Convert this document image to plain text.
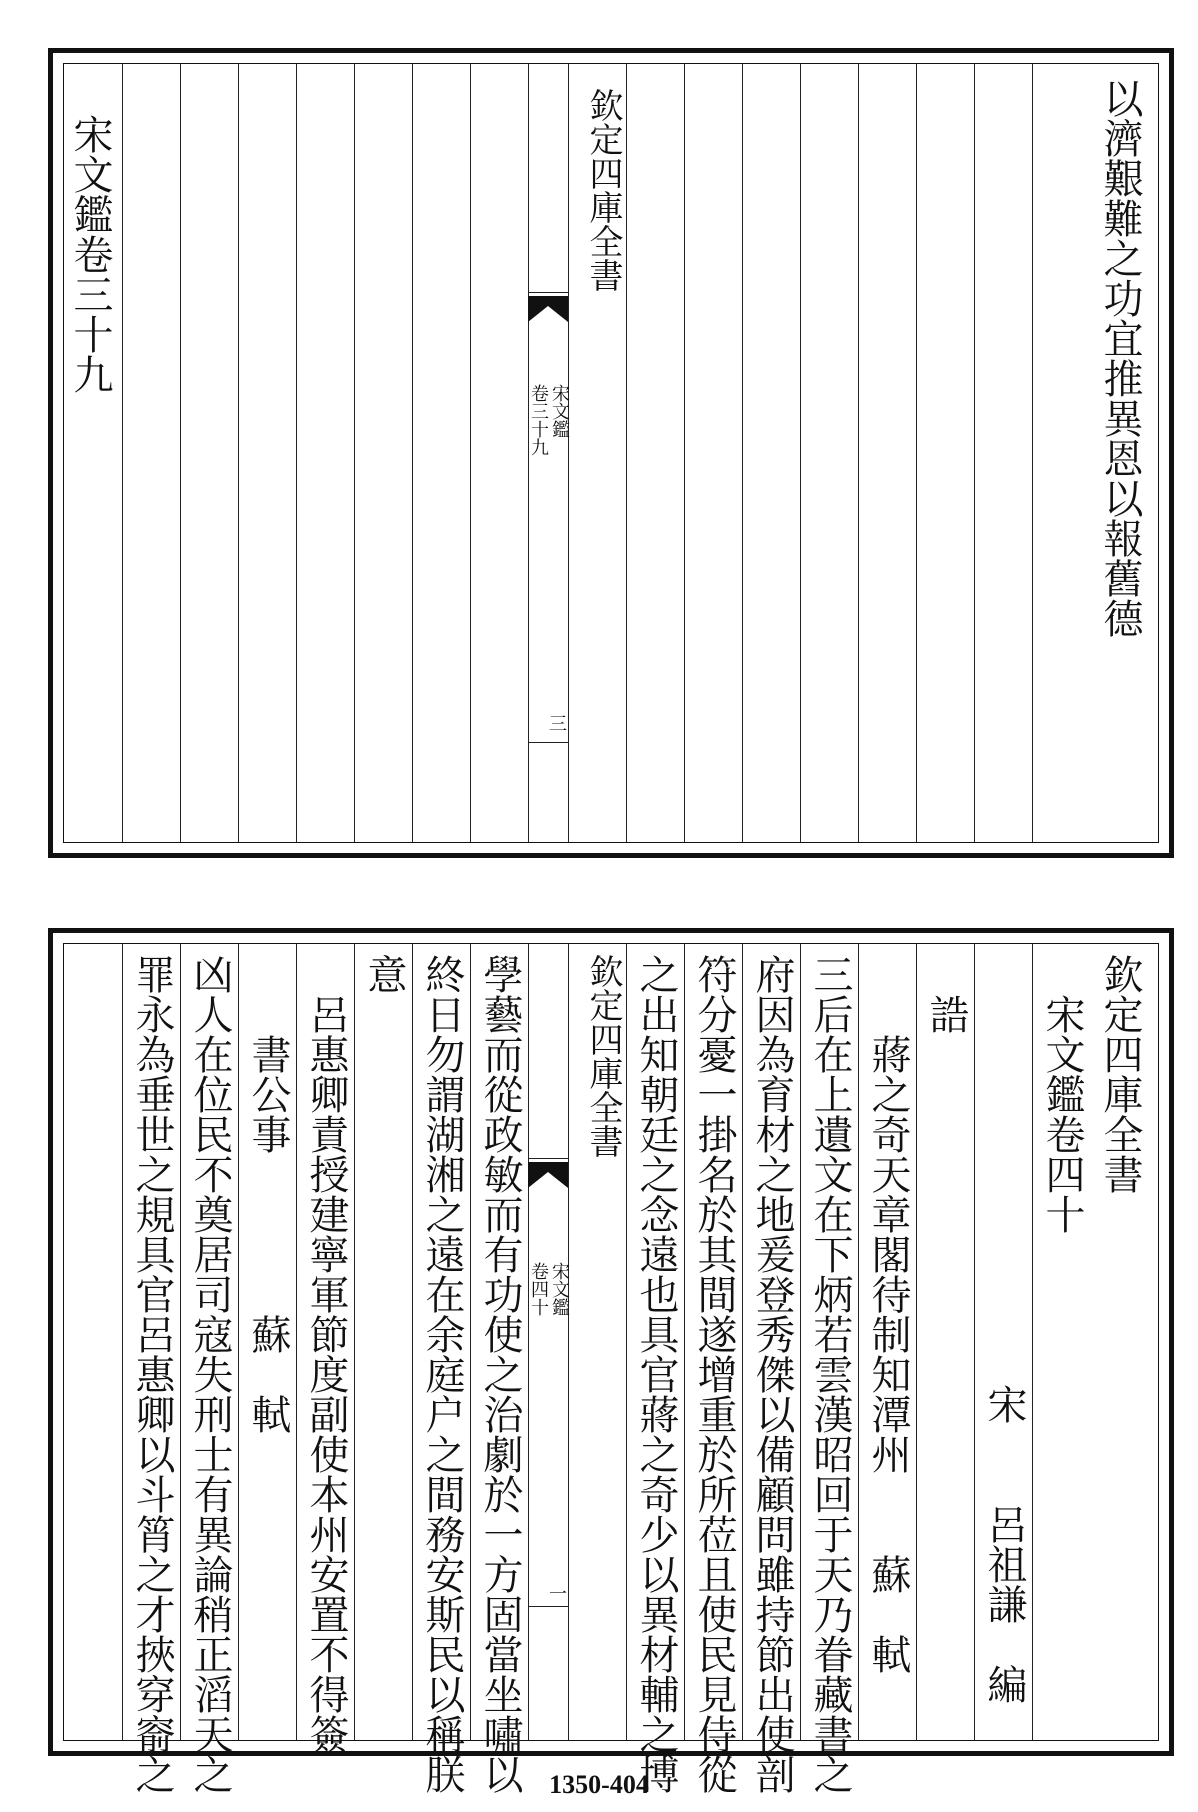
欽定四庫全書
宋文鑑
卷三十九
三
以濟艱難之功宜推異恩以報舊德
宋文鑑卷三十九
欽定四庫全書
宋文鑑
卷四十
一
欽定四庫全書
宋文鑑卷四十
宋　　呂祖謙　編
誥
蔣之奇天章閣待制知潭州　　蘇　軾
三后在上遺文在下炳若雲漢昭回于天乃眷藏書之
府因為育材之地爰登秀傑以備顧問雖持節出使剖
符分憂一掛名於其間遂增重於所莅且使民見侍從
之出知朝廷之念遠也具官蔣之奇少以異材輔之博
學藝而從政敏而有功使之治劇於一方固當坐嘯以
終日勿謂湖湘之遠在余庭户之間務安斯民以稱朕
意
呂惠卿責授建寧軍節度副使本州安置不得簽
書公事　　　　蘇　軾
凶人在位民不奠居司寇失刑士有異論稍正滔天之
罪永為垂世之規具官呂惠卿以斗筲之才挾穿窬之	1350-404
